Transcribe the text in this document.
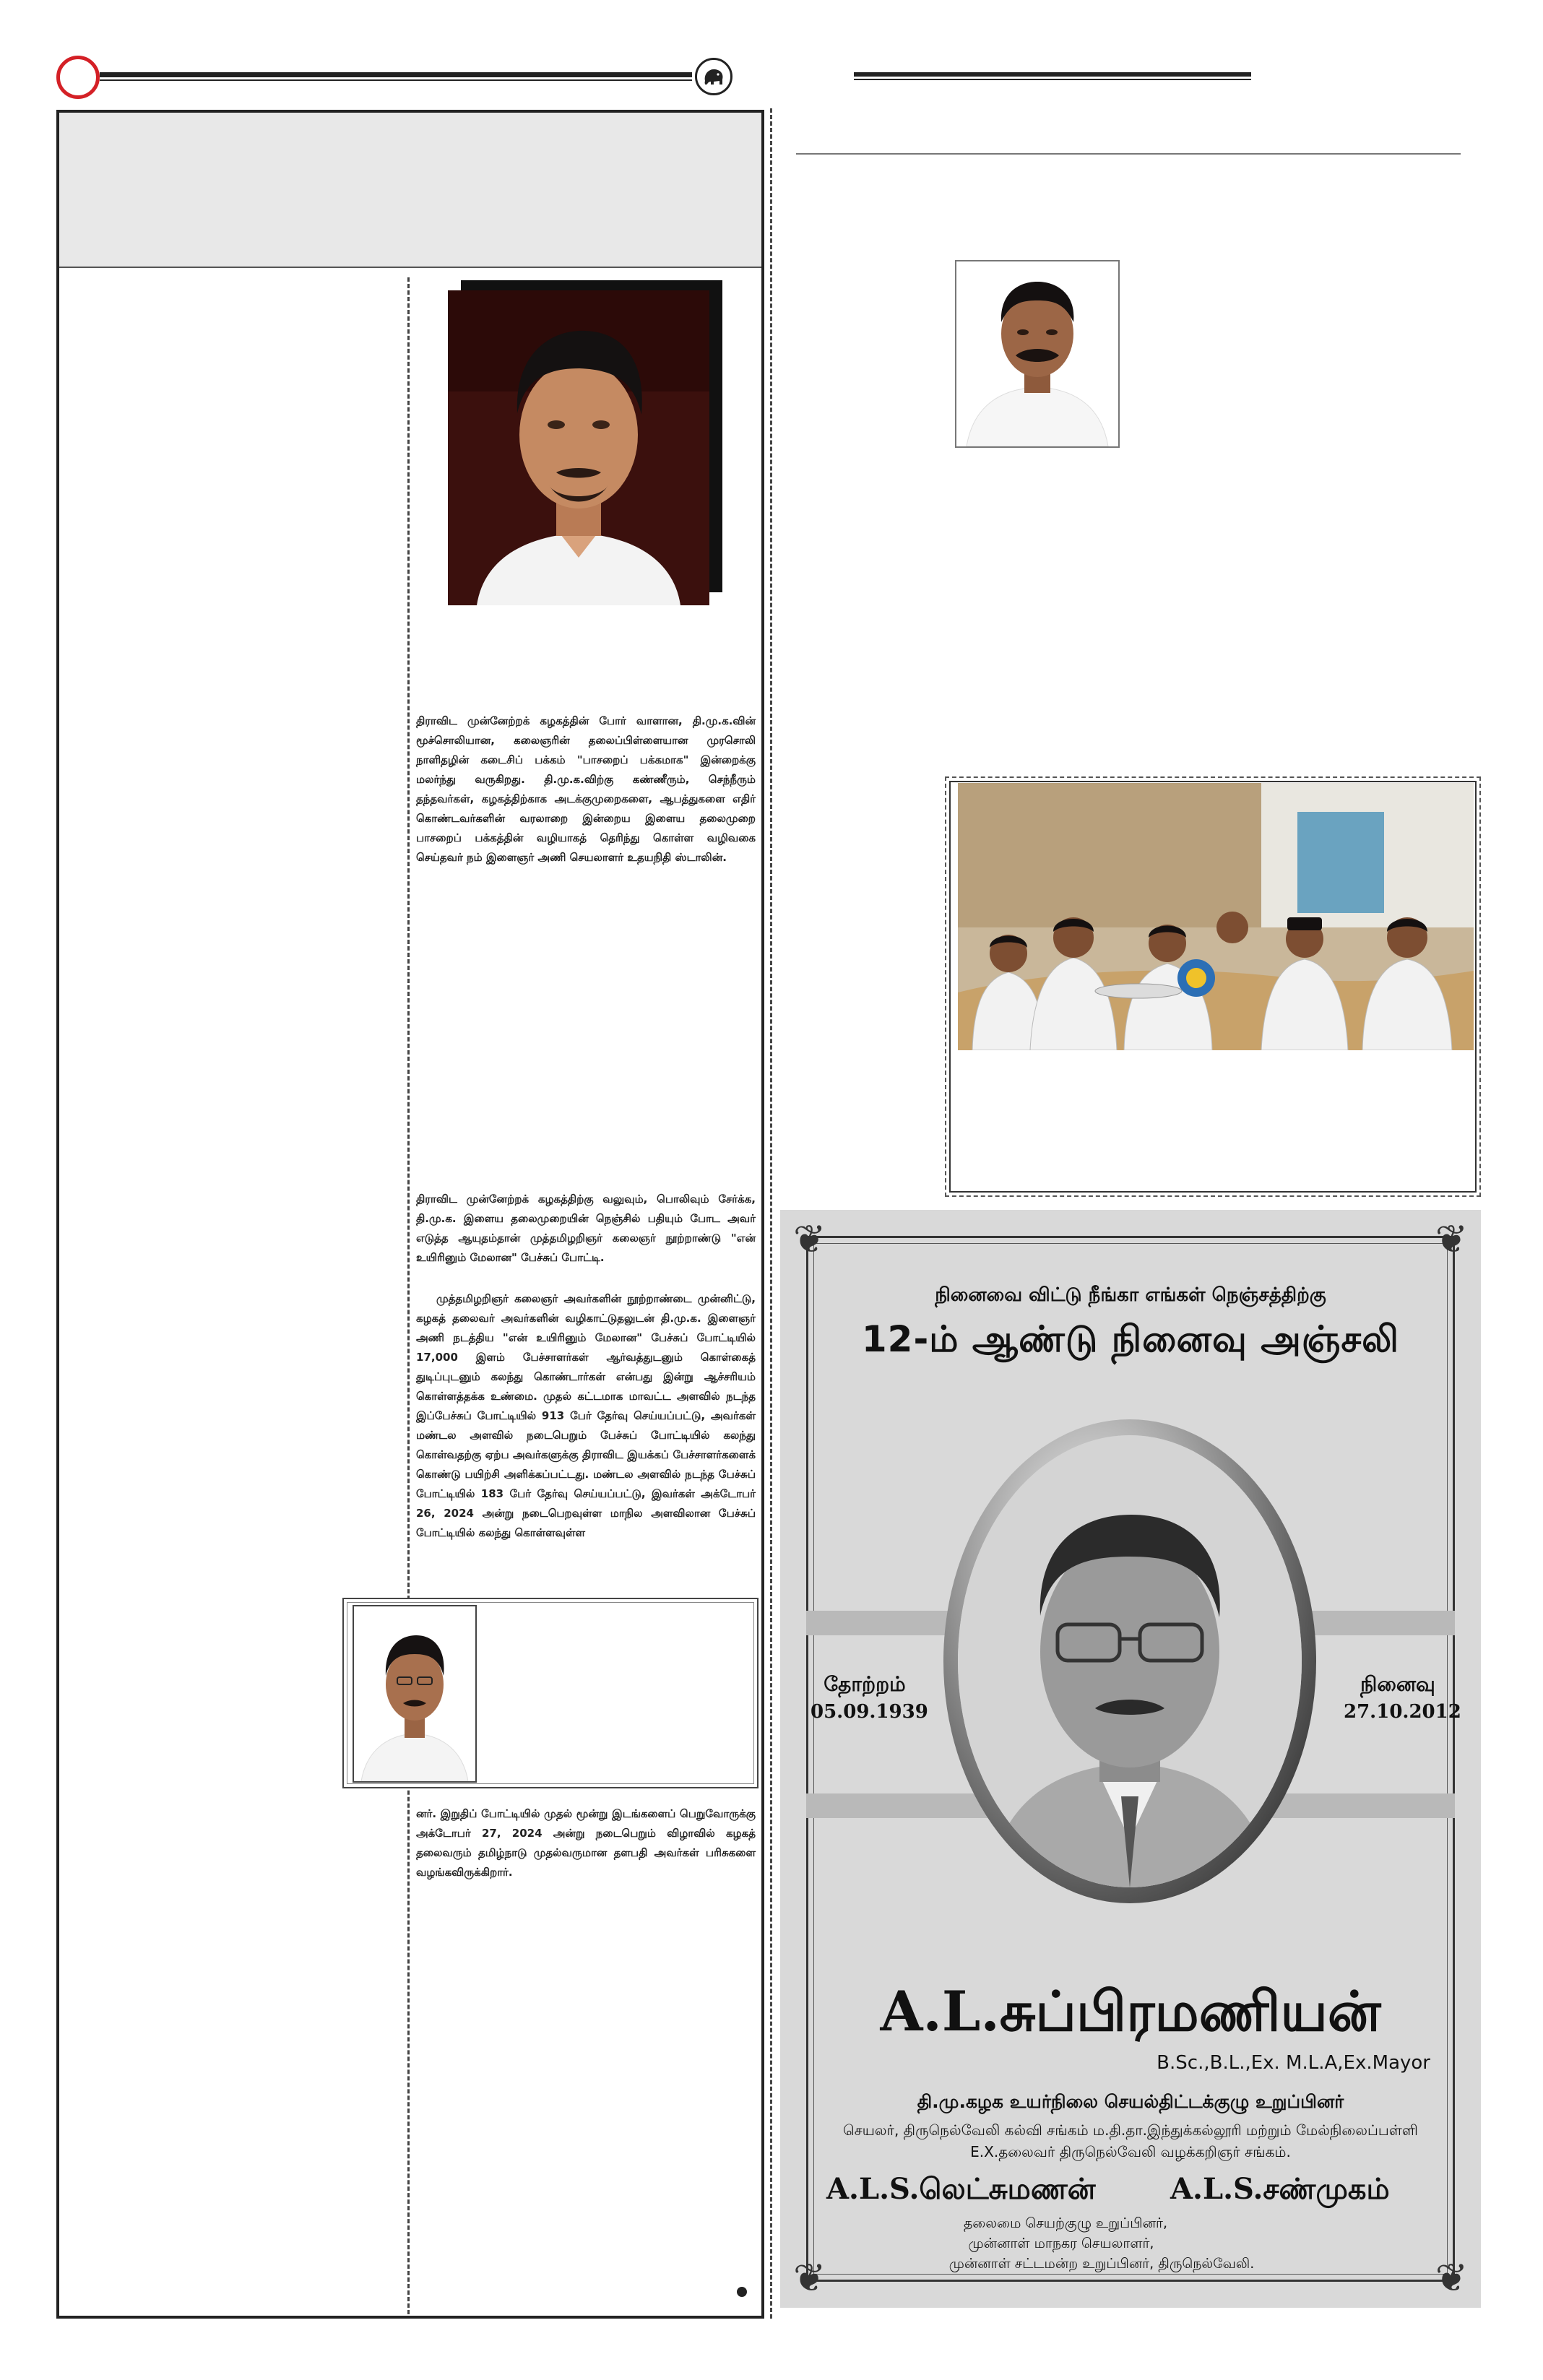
திராவிட முன்னேற்றக் கழகத்தின் போர் வாளான, தி.மு.க.வின் மூச்சொலியான, கலைஞரின் தலைப்பிள்ளையான முரசொலி நாளிதழின் கடைசிப் பக்கம் "பாசறைப் பக்கமாக" இன்றைக்கு மலர்ந்து வருகிறது. தி.மு.க.விற்கு கண்ணீரும், செந்நீரும் தந்தவர்கள், கழகத்திற்காக அடக்குமுறைகளை, ஆபத்துகளை எதிர் கொண்டவர்களின் வரலாறை இன்றைய இளைய தலைமுறை பாசறைப் பக்கத்தின் வழியாகத் தெரிந்து கொள்ள வழிவகை செய்தவர் நம் இளைஞர் அணி செயலாளர் உதயநிதி ஸ்டாலின்.
திராவிட முன்னேற்றக் கழகத்திற்கு வலுவும், பொலிவும் சேர்க்க, தி.மு.க. இளைய தலைமுறையின் நெஞ்சில் பதியும் போட அவர் எடுத்த ஆயுதம்தான் முத்தமிழறிஞர் கலைஞர் நூற்றாண்டு "என் உயிரினும் மேலான" பேச்சுப் போட்டி.
முத்தமிழறிஞர் கலைஞர் அவர்களின் நூற்றாண்டை முன்னிட்டு, கழகத் தலைவர் அவர்களின் வழிகாட்டுதலுடன் தி.மு.க. இளைஞர் அணி நடத்திய "என் உயிரினும் மேலான" பேச்சுப் போட்டியில் 17,000 இளம் பேச்சாளர்கள் ஆர்வத்துடனும் கொள்கைத் துடிப்புடனும் கலந்து கொண்டார்கள் என்பது இன்று ஆச்சரியம் கொள்ளத்தக்க உண்மை. முதல் கட்டமாக மாவட்ட அளவில் நடந்த இப்பேச்சுப் போட்டியில் 913 பேர் தேர்வு செய்யப்பட்டு, அவர்கள் மண்டல அளவில் நடைபெறும் பேச்சுப் போட்டியில் கலந்து கொள்வதற்கு ஏற்ப அவர்களுக்கு திராவிட இயக்கப் பேச்சாளர்களைக் கொண்டு பயிற்சி அளிக்கப்பட்டது. மண்டல அளவில் நடந்த பேச்சுப் போட்டியில் 183 பேர் தேர்வு செய்யப்பட்டு, இவர்கள் அக்டோபர் 26, 2024 அன்று நடைபெறவுள்ள மாநில அளவிலான பேச்சுப் போட்டியில் கலந்து கொள்ளவுள்ள
னர். இறுதிப் போட்டியில் முதல் மூன்று இடங்களைப் பெறுவோருக்கு அக்டோபர் 27, 2024 அன்று நடைபெறும் விழாவில் கழகத் தலைவரும் தமிழ்நாடு முதல்வருமான தளபதி அவர்கள் பரிசுகளை வழங்கவிருக்கிறார்.
❦	❦
❦	❦
நினைவை விட்டு நீங்கா எங்கள் நெஞ்சத்திற்கு
12-ம் ஆண்டு நினைவு அஞ்சலி
தோற்றம்
05.09.1939
நினைவு
27.10.2012
A.L.சுப்பிரமணியன்
B.Sc.,B.L.,Ex. M.L.A,Ex.Mayor
தி.மு.கழக உயர்நிலை செயல்திட்டக்குழு உறுப்பினர்
செயலர், திருநெல்வேலி கல்வி சங்கம் ம.தி.தா.இந்துக்கல்லூரி மற்றும் மேல்நிலைப்பள்ளி
E.X.தலைவர் திருநெல்வேலி வழக்கறிஞர் சங்கம்.
A.L.S.லெட்சுமணன்	A.L.S.சண்முகம்
தலைமை செயற்குழு உறுப்பினர்,
முன்னாள் மாநகர செயலாளர்,
முன்னாள் சட்டமன்ற உறுப்பினர், திருநெல்வேலி.
